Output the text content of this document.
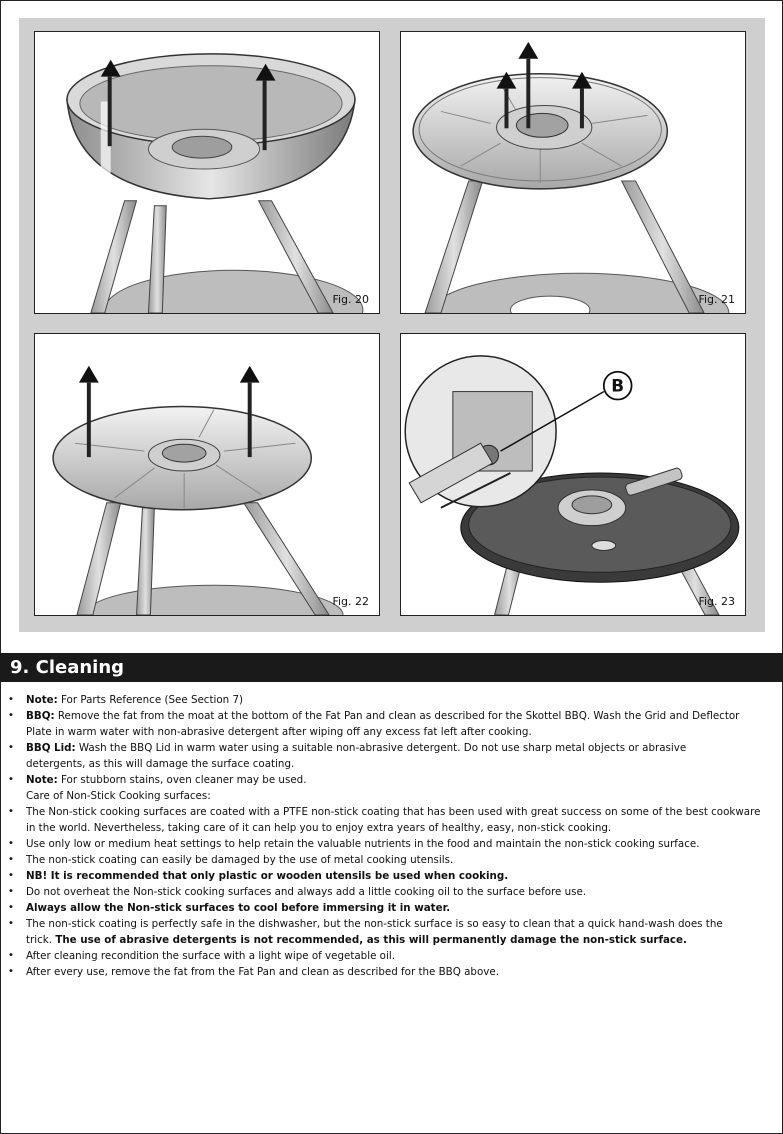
Fig. 20	Fig. 21
Fig. 22
B
Fig. 23
9. Cleaning
• Note: For Parts Reference (See Section 7)
• BBQ: Remove the fat from the moat at the bottom of the Fat Pan and clean as described for the Skottel BBQ. Wash the Grid and Deflector
Plate in warm water with non-abrasive detergent after wiping off any excess fat left after cooking.
• BBQ Lid: Wash the BBQ Lid in warm water using a suitable non-abrasive detergent. Do not use sharp metal objects or abrasive
detergents, as this will damage the surface coating.
• Note: For stubborn stains, oven cleaner may be used.
Care of Non-Stick Cooking surfaces:
• The Non-stick cooking surfaces are coated with a PTFE non-stick coating that has been used with great success on some of the best cookware
in the world. Nevertheless, taking care of it can help you to enjoy extra years of healthy, easy, non-stick cooking.
• Use only low or medium heat settings to help retain the valuable nutrients in the food and maintain the non-stick cooking surface.
• The non-stick coating can easily be damaged by the use of metal cooking utensils.
• NB! It is recommended that only plastic or wooden utensils be used when cooking.
• Do not overheat the Non-stick cooking surfaces and always add a little cooking oil to the surface before use.
• Always allow the Non-stick surfaces to cool before immersing it in water.
• The non-stick coating is perfectly safe in the dishwasher, but the non-stick surface is so easy to clean that a quick hand-wash does the
trick. The use of abrasive detergents is not recommended, as this will permanently damage the non-stick surface.
• After cleaning recondition the surface with a light wipe of vegetable oil.
• After every use, remove the fat from the Fat Pan and clean as described for the BBQ above.
